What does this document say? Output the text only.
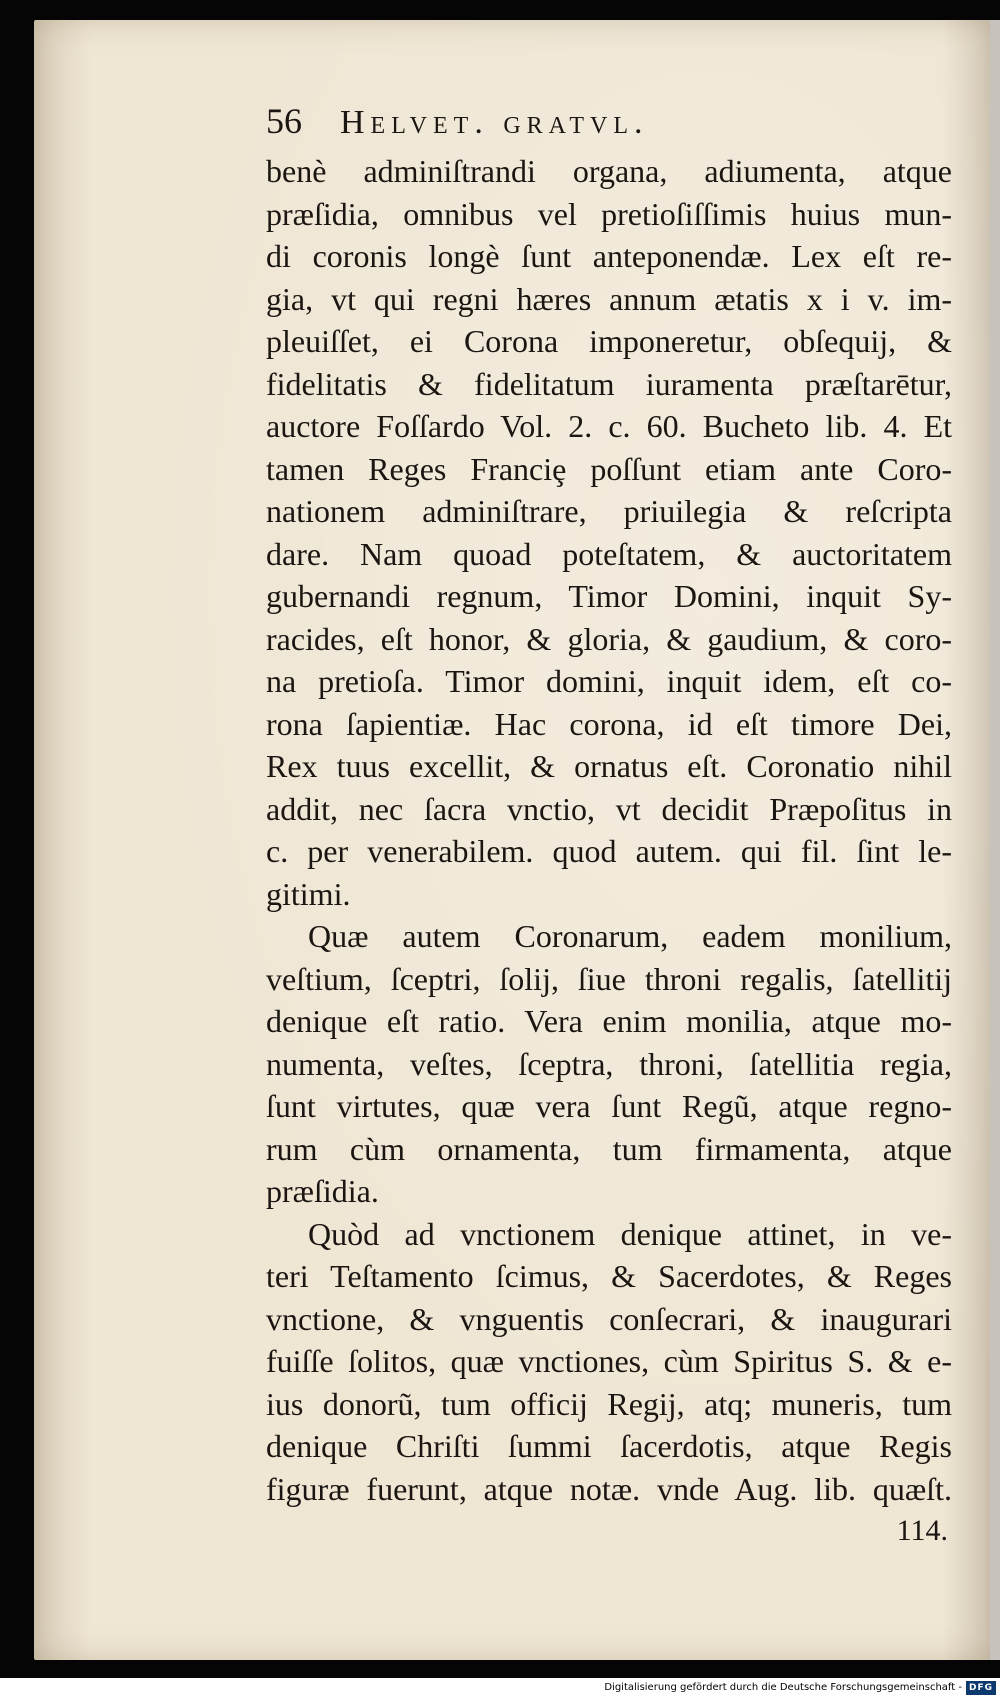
56 Helvet. gratvl.
benè adminiſtrandi organa, adiumenta, atque
præſidia, omnibus vel pretioſiſſimis huius mun-
di coronis longè ſunt anteponendæ. Lex eſt re-
gia, vt qui regni hæres annum ætatis x i v. im-
pleuiſſet, ei Corona imponeretur, obſequij, &
fidelitatis & fidelitatum iuramenta præſtarētur,
auctore Foſſardo Vol. 2. c. 60. Bucheto lib. 4. Et
tamen Reges Franciȩ poſſunt etiam ante Coro-
nationem adminiſtrare, priuilegia & reſcripta
dare. Nam quoad poteſtatem, & auctoritatem
gubernandi regnum, Timor Domini, inquit Sy-
racides, eſt honor, & gloria, & gaudium, & coro-
na pretioſa. Timor domini, inquit idem, eſt co-
rona ſapientiæ. Hac corona, id eſt timore Dei,
Rex tuus excellit, & ornatus eſt. Coronatio nihil
addit, nec ſacra vnctio, vt decidit Præpoſitus in
c. per venerabilem. quod autem. qui fil. ſint le-
gitimi.
Quæ autem Coronarum, eadem monilium,
veſtium, ſceptri, ſolij, ſiue throni regalis, ſatellitij
denique eſt ratio. Vera enim monilia, atque mo-
numenta, veſtes, ſceptra, throni, ſatellitia regia,
ſunt virtutes, quæ vera ſunt Regũ, atque regno-
rum cùm ornamenta, tum firmamenta, atque
præſidia.
Quòd ad vnctionem denique attinet, in ve-
teri Teſtamento ſcimus, & Sacerdotes, & Reges
vnctione, & vnguentis conſecrari, & inaugurari
fuiſſe ſolitos, quæ vnctiones, cùm Spiritus S. & e-
ius donorũ, tum officij Regij, atq; muneris, tum
denique Chriſti ſummi ſacerdotis, atque Regis
figuræ fuerunt, atque notæ. vnde Aug. lib. quæſt.
114.
Digitalisierung gefördert durch die Deutsche Forschungsgemeinschaft - DFG
